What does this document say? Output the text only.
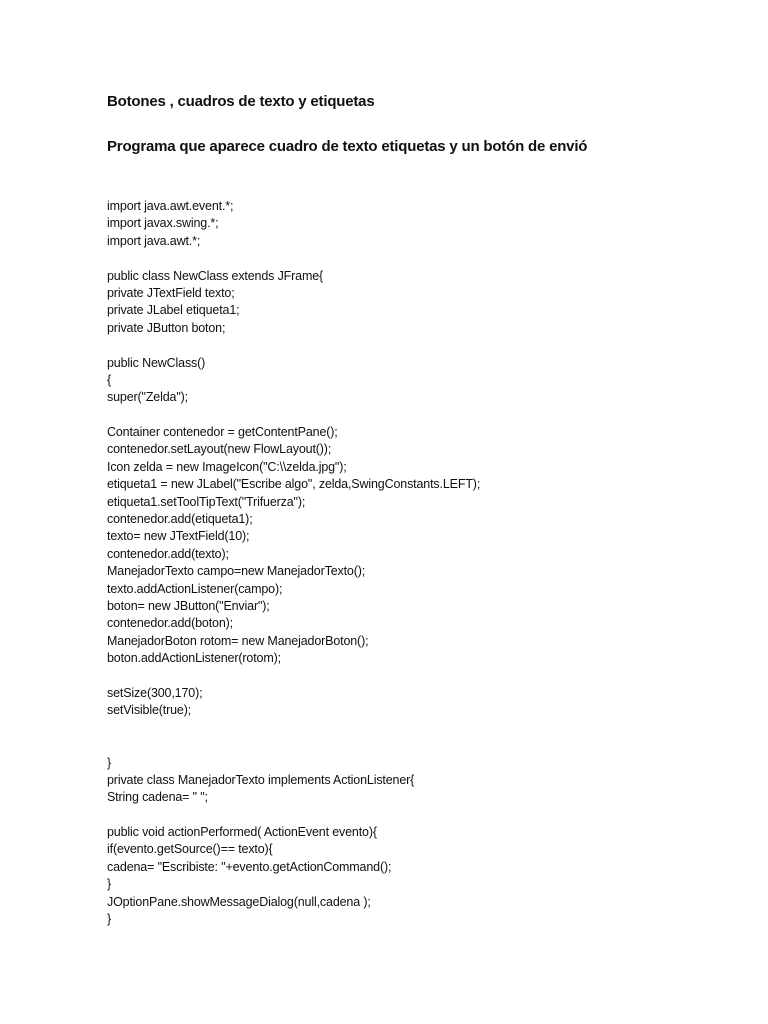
Botones , cuadros de texto y etiquetas
Programa que aparece cuadro de texto etiquetas y un botón de envió
import java.awt.event.*;
import javax.swing.*;
import java.awt.*;
public class NewClass extends JFrame{
private JTextField texto;
private JLabel etiqueta1;
private JButton boton;
public NewClass()
{
super("Zelda");
Container contenedor = getContentPane();
contenedor.setLayout(new FlowLayout());
Icon zelda = new ImageIcon("C:\\zelda.jpg");
etiqueta1 = new JLabel("Escribe algo", zelda,SwingConstants.LEFT);
etiqueta1.setToolTipText("Trifuerza");
contenedor.add(etiqueta1);
texto= new JTextField(10);
contenedor.add(texto);
ManejadorTexto campo=new ManejadorTexto();
texto.addActionListener(campo);
boton= new JButton("Enviar");
contenedor.add(boton);
ManejadorBoton rotom= new ManejadorBoton();
boton.addActionListener(rotom);
setSize(300,170);
setVisible(true);
}
private class ManejadorTexto implements ActionListener{
String cadena= " ";
public void actionPerformed( ActionEvent evento){
if(evento.getSource()== texto){
cadena= "Escribiste: "+evento.getActionCommand();
}
JOptionPane.showMessageDialog(null,cadena );
}
